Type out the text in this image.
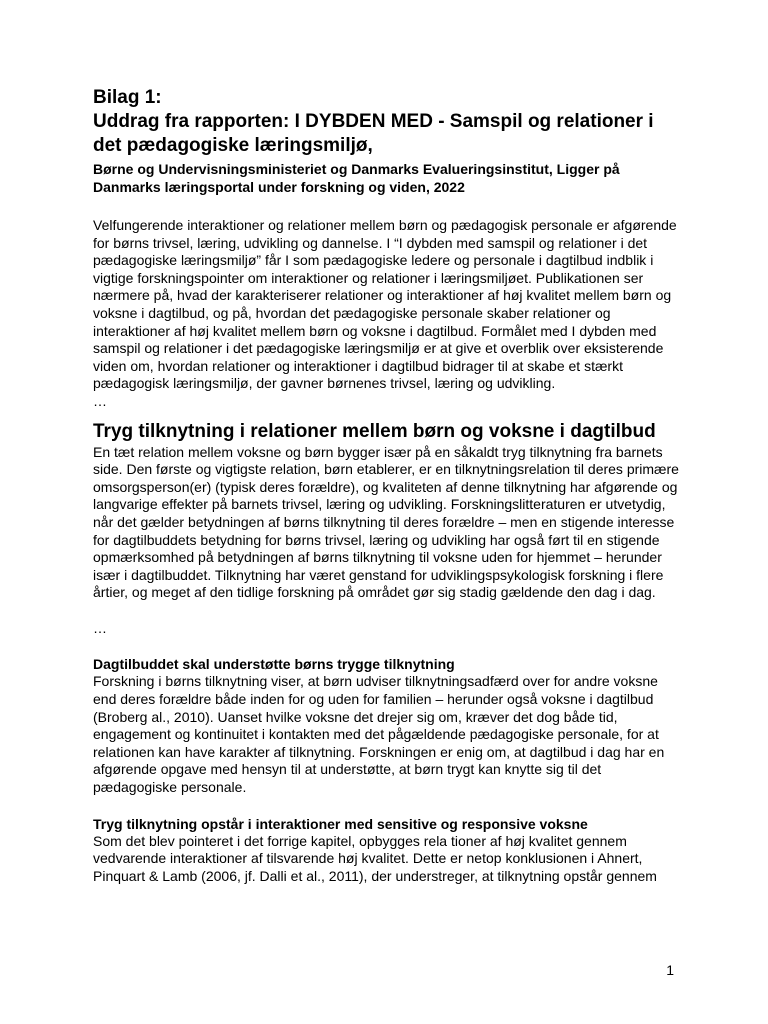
Bilag 1:
Uddrag fra rapporten: I DYBDEN MED - Samspil og relationer i det pædagogiske læringsmiljø,
Børne og Undervisningsministeriet og Danmarks Evalueringsinstitut, Ligger på Danmarks læringsportal under forskning og viden, 2022

Velfungerende interaktioner og relationer mellem børn og pædagogisk personale er afgørende for børns trivsel, læring, udvikling og dannelse. I “I dybden med samspil og relationer i det pædagogiske læringsmiljø” får I som pædagogiske ledere og personale i dagtilbud indblik i vigtige forskningspointer om interaktioner og relationer i læringsmiljøet. Publikationen ser nærmere på, hvad der karakteriserer relationer og interaktioner af høj kvalitet mellem børn og voksne i dagtilbud, og på, hvordan det pædagogiske personale skaber relationer og interaktioner af høj kvalitet mellem børn og voksne i dagtilbud. Formålet med I dybden med samspil og relationer i det pædagogiske læringsmiljø er at give et overblik over eksisterende viden om, hvordan relationer og interaktioner i dagtilbud bidrager til at skabe et stærkt pædagogisk læringsmiljø, der gavner børnenes trivsel, læring og udvikling.

…

Tryg tilknytning i relationer mellem børn og voksne i dagtilbud

En tæt relation mellem voksne og børn bygger især på en såkaldt tryg tilknytning fra barnets side. Den første og vigtigste relation, børn etablerer, er en tilknytningsrelation til deres primære omsorgsperson(er) (typisk deres forældre), og kvaliteten af denne tilknytning har afgørende og langvarige effekter på barnets trivsel, læring og udvikling. Forskningslitteraturen er utvetydig, når det gælder betydningen af børns tilknytning til deres forældre – men en stigende interesse for dagtilbuddets betydning for børns trivsel, læring og udvikling har også ført til en stigende opmærksomhed på betydningen af børns tilknytning til voksne uden for hjemmet – herunder især i dagtilbuddet. Tilknytning har været genstand for udviklingspsykologisk forskning i flere årtier, og meget af den tidlige forskning på området gør sig stadig gældende den dag i dag.

…

Dagtilbuddet skal understøtte børns trygge tilknytning

Forskning i børns tilknytning viser, at børn udviser tilknytningsadfærd over for andre voksne end deres forældre både inden for og uden for familien – herunder også voksne i dagtilbud (Broberg al., 2010). Uanset hvilke voksne det drejer sig om, kræver det dog både tid, engagement og kontinuitet i kontakten med det pågældende pædagogiske personale, for at relationen kan have karakter af tilknytning. Forskningen er enig om, at dagtilbud i dag har en afgørende opgave med hensyn til at understøtte, at børn trygt kan knytte sig til det pædagogiske personale.

Tryg tilknytning opstår i interaktioner med sensitive og responsive voksne

Som det blev pointeret i det forrige kapitel, opbygges rela tioner af høj kvalitet gennem vedvarende interaktioner af tilsvarende høj kvalitet. Dette er netop konklusionen i Ahnert, Pinquart & Lamb (2006, jf. Dalli et al., 2011), der understreger, at tilknytning opstår gennem

1
